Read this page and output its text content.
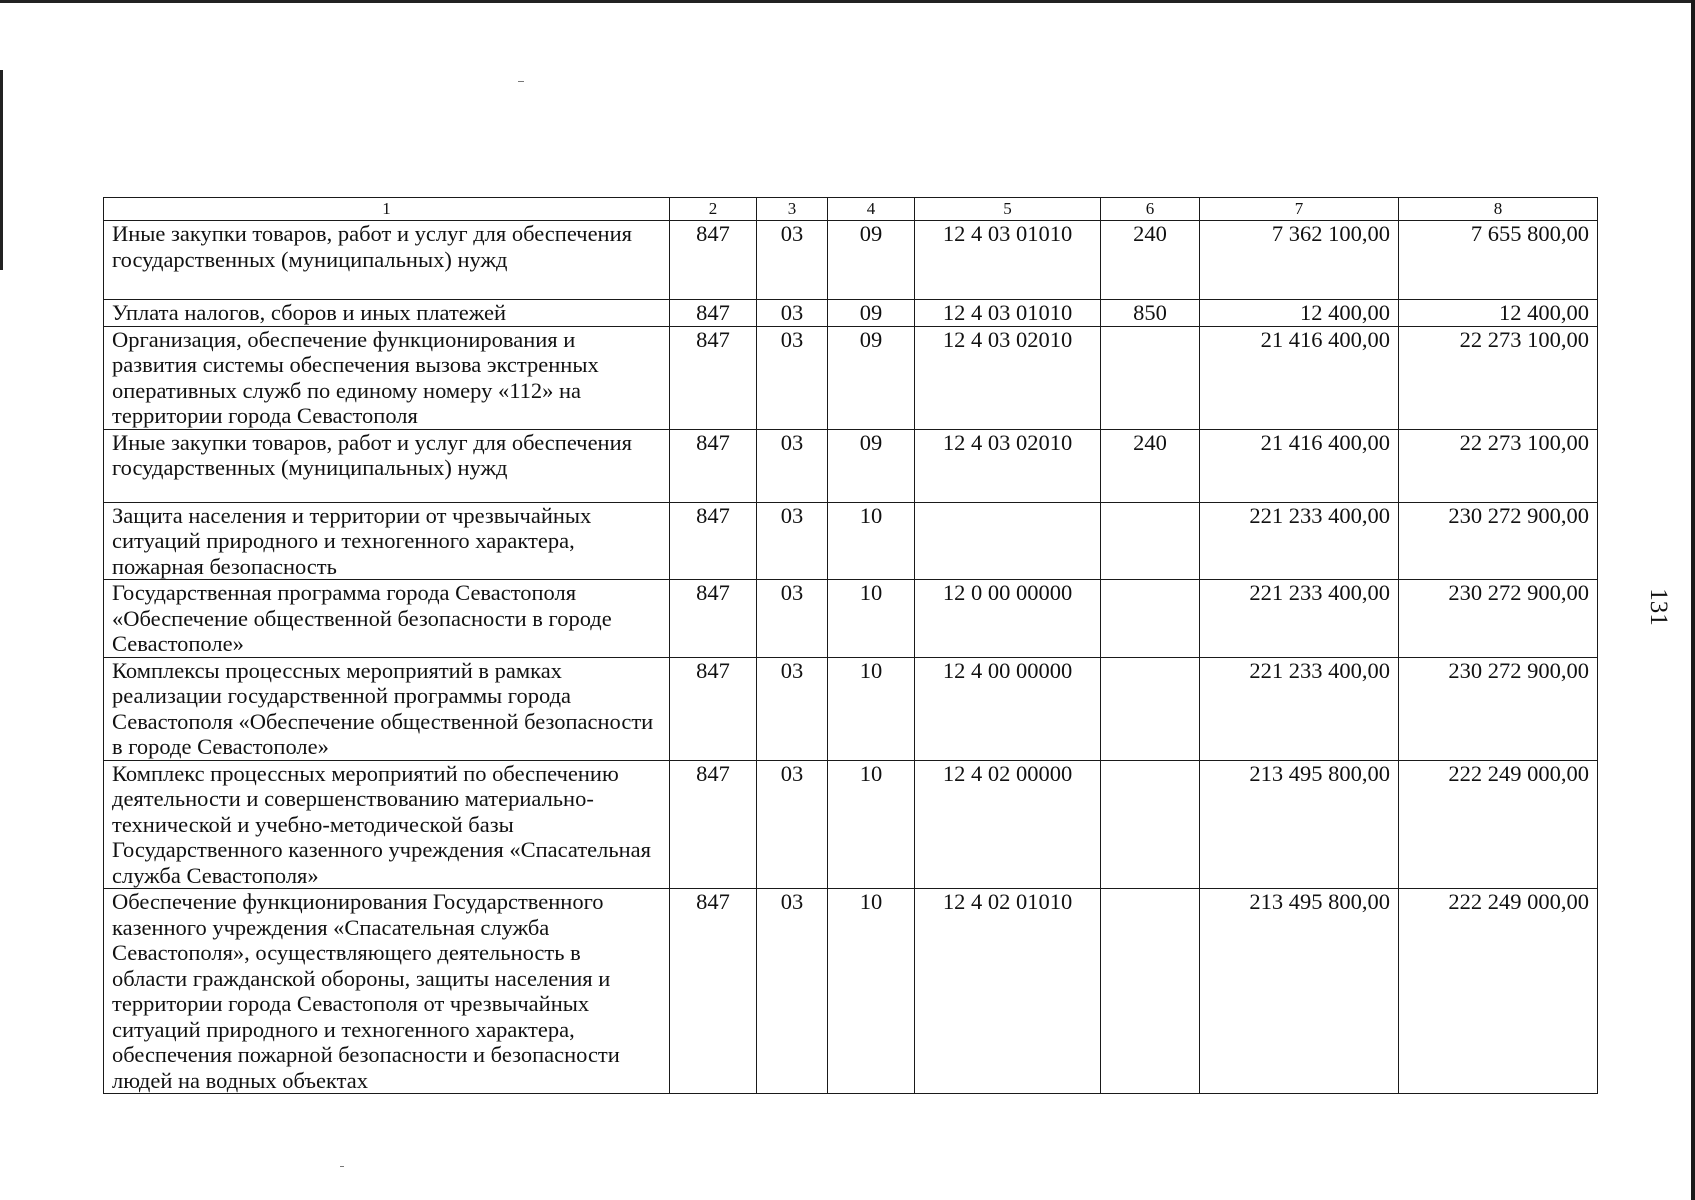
131
1	2	3	4	5	6	7	8
Иные закупки товаров, работ и услуг для обеспечения государственных (муниципальных) нужд	847	03	09	12 4 03 01010	240	7 362 100,00	7 655 800,00
Уплата налогов, сборов и иных платежей	847	03	09	12 4 03 01010	850	12 400,00	12 400,00
Организация, обеспечение функционирования и развития системы обеспечения вызова экстренных оперативных служб по единому номеру «112» на территории города Севастополя	847	03	09	12 4 03 02010		21 416 400,00	22 273 100,00
Иные закупки товаров, работ и услуг для обеспечения государственных (муниципальных) нужд	847	03	09	12 4 03 02010	240	21 416 400,00	22 273 100,00
Защита населения и территории от чрезвычайных ситуаций природного и техногенного характера, пожарная безопасность	847	03	10			221 233 400,00	230 272 900,00
Государственная программа города Севастополя «Обеспечение общественной безопасности в городе Севастополе»	847	03	10	12 0 00 00000		221 233 400,00	230 272 900,00
Комплексы процессных мероприятий в рамках реализации государственной программы города Севастополя «Обеспечение общественной безопасности в городе Севастополе»	847	03	10	12 4 00 00000		221 233 400,00	230 272 900,00
Комплекс процессных мероприятий по обеспечению деятельности и совершенствованию материально-технической и учебно-методической базы Государственного казенного учреждения «Спасательная служба Севастополя»	847	03	10	12 4 02 00000		213 495 800,00	222 249 000,00
Обеспечение функционирования Государственного казенного учреждения «Спасательная служба Севастополя», осуществляющего деятельность в области гражданской обороны, защиты населения и территории города Севастополя от чрезвычайных ситуаций природного и техногенного характера, обеспечения пожарной безопасности и безопасности людей на водных объектах	847	03	10	12 4 02 01010		213 495 800,00	222 249 000,00
